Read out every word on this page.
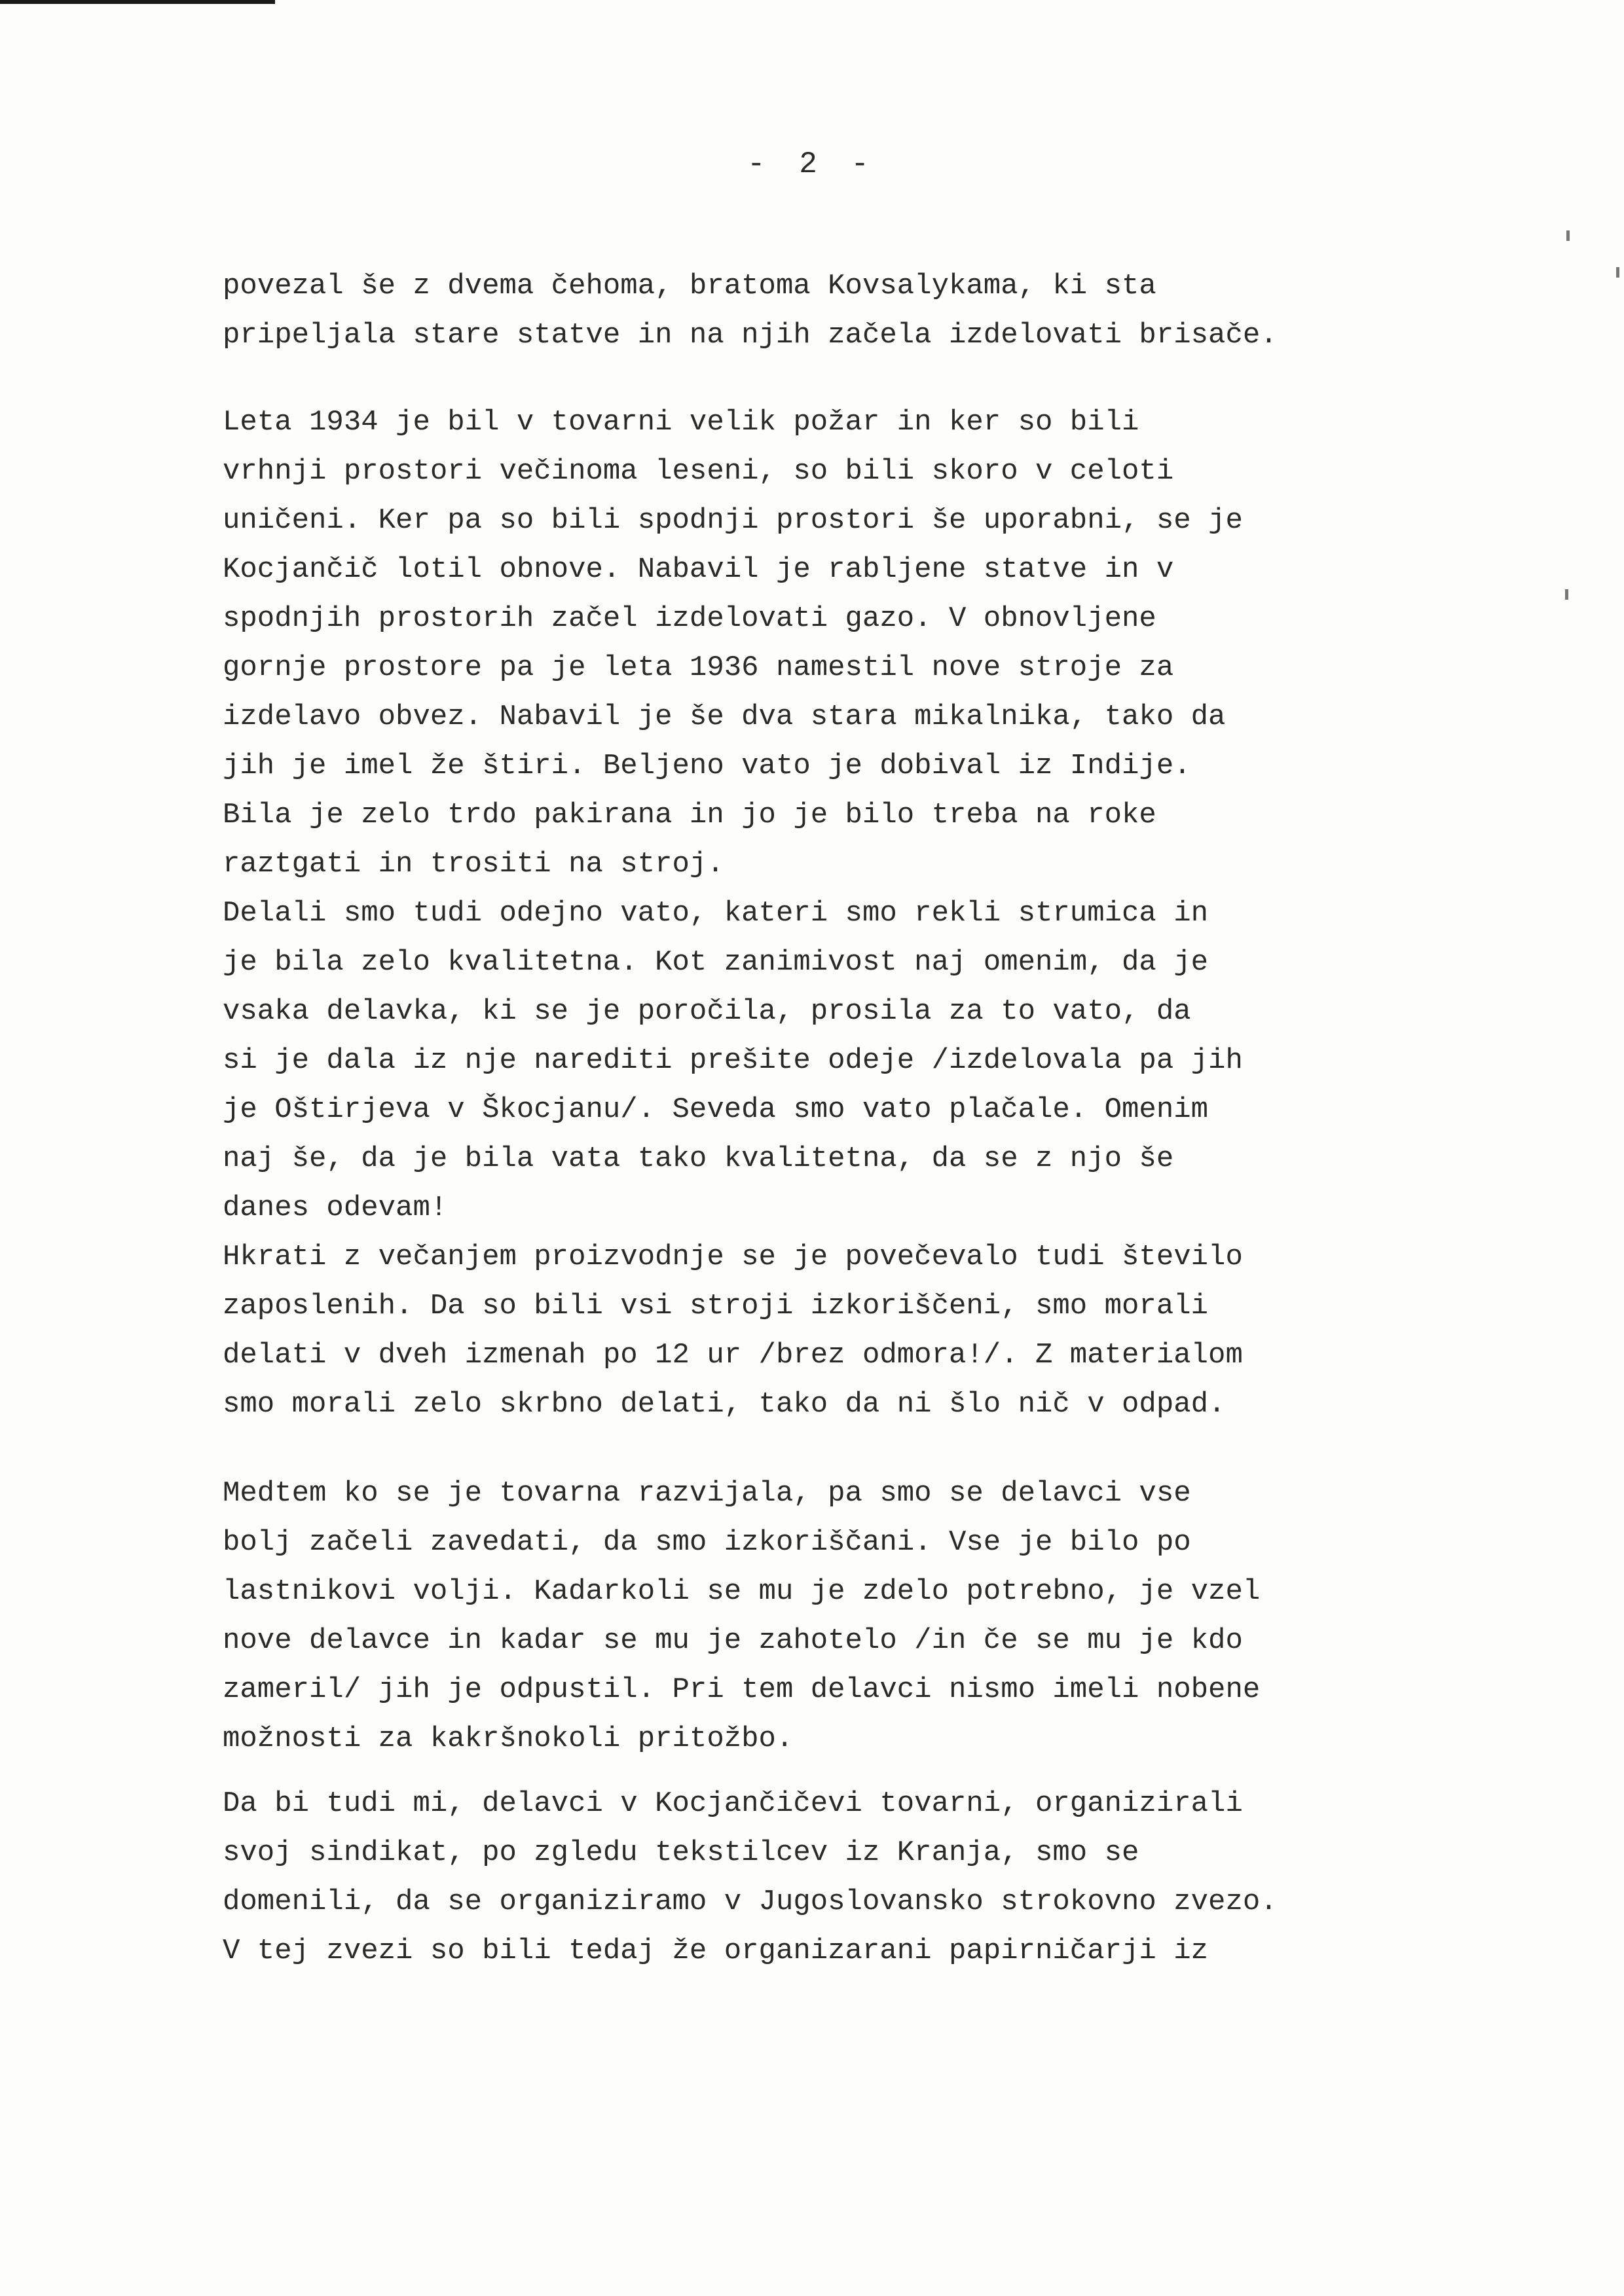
- 2 -

povezal še z dvema čehoma, bratoma Kovsalykama, ki sta
pripeljala stare statve in na njih začela izdelovati brisače.

Leta 1934 je bil v tovarni velik požar in ker so bili
vrhnji prostori večinoma leseni, so bili skoro v celoti
uničeni. Ker pa so bili spodnji prostori še uporabni, se je
Kocjančič lotil obnove. Nabavil je rabljene statve in v
spodnjih prostorih začel izdelovati gazo. V obnovljene
gornje prostore pa je leta 1936 namestil nove stroje za
izdelavo obvez. Nabavil je še dva stara mikalnika, tako da
jih je imel že štiri. Beljeno vato je dobival iz Indije.
Bila je zelo trdo pakirana in jo je bilo treba na roke
raztgati in trositi na stroj.
Delali smo tudi odejno vato, kateri smo rekli strumica in
je bila zelo kvalitetna. Kot zanimivost naj omenim, da je
vsaka delavka, ki se je poročila, prosila za to vato, da
si je dala iz nje narediti prešite odeje /izdelovala pa jih
je Oštirjeva v Škocjanu/. Seveda smo vato plačale. Omenim
naj še, da je bila vata tako kvalitetna, da se z njo še
danes odevam!
Hkrati z večanjem proizvodnje se je povečevalo tudi število
zaposlenih. Da so bili vsi stroji izkoriščeni, smo morali
delati v dveh izmenah po 12 ur /brez odmora!/. Z materialom
smo morali zelo skrbno delati, tako da ni šlo nič v odpad.

Medtem ko se je tovarna razvijala, pa smo se delavci vse
bolj začeli zavedati, da smo izkoriščani. Vse je bilo po
lastnikovi volji. Kadarkoli se mu je zdelo potrebno, je vzel
nove delavce in kadar se mu je zahotelo /in če se mu je kdo
zameril/ jih je odpustil. Pri tem delavci nismo imeli nobene
možnosti za kakršnokoli pritožbo.

Da bi tudi mi, delavci v Kocjančičevi tovarni, organizirali
svoj sindikat, po zgledu tekstilcev iz Kranja, smo se
domenili, da se organiziramo v Jugoslovansko strokovno zvezo.
V tej zvezi so bili tedaj že organizarani papirničarji iz
